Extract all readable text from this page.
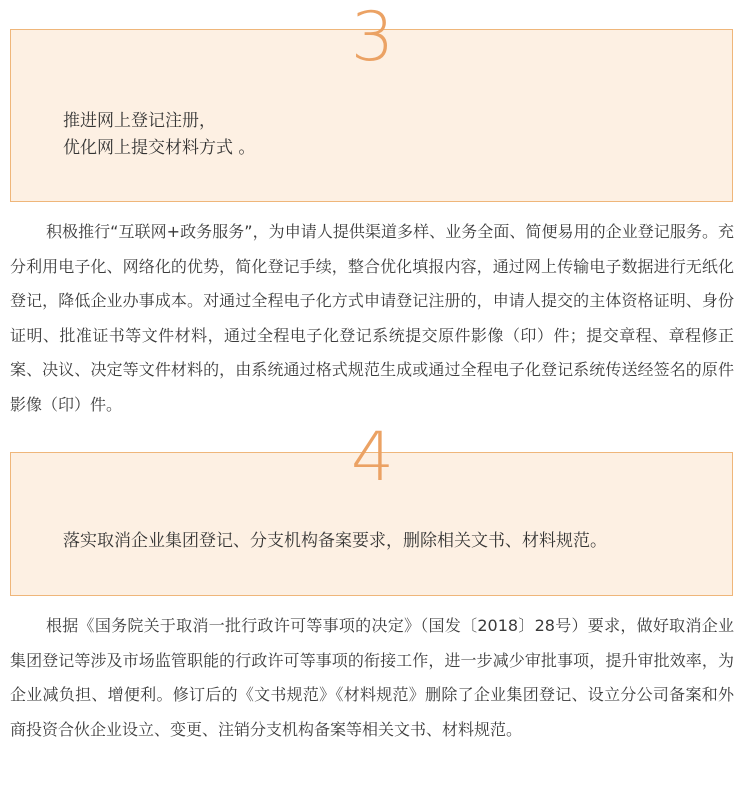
推进网上登记注册，
优化网上提交材料方式 。
3

积极推行“互联网+政务服务”，为申请人提供渠道多样、业务全面、简便易用的企业登记服务。充分利用电子化、网络化的优势，简化登记手续，整合优化填报内容，通过网上传输电子数据进行无纸化登记，降低企业办事成本。对通过全程电子化方式申请登记注册的，申请人提交的主体资格证明、身份证明、批准证书等文件材料，通过全程电子化登记系统提交原件影像（印）件；提交章程、章程修正案、决议、决定等文件材料的，由系统通过格式规范生成或通过全程电子化登记系统传送经签名的原件影像（印）件。

落实取消企业集团登记、分支机构备案要求，删除相关文书、材料规范。
4

根据《国务院关于取消一批行政许可等事项的决定》（国发〔2018〕28号）要求，做好取消企业集团登记等涉及市场监管职能的行政许可等事项的衔接工作，进一步减少审批事项，提升审批效率，为企业减负担、增便利。修订后的《文书规范》《材料规范》删除了企业集团登记、设立分公司备案和外商投资合伙企业设立、变更、注销分支机构备案等相关文书、材料规范。
